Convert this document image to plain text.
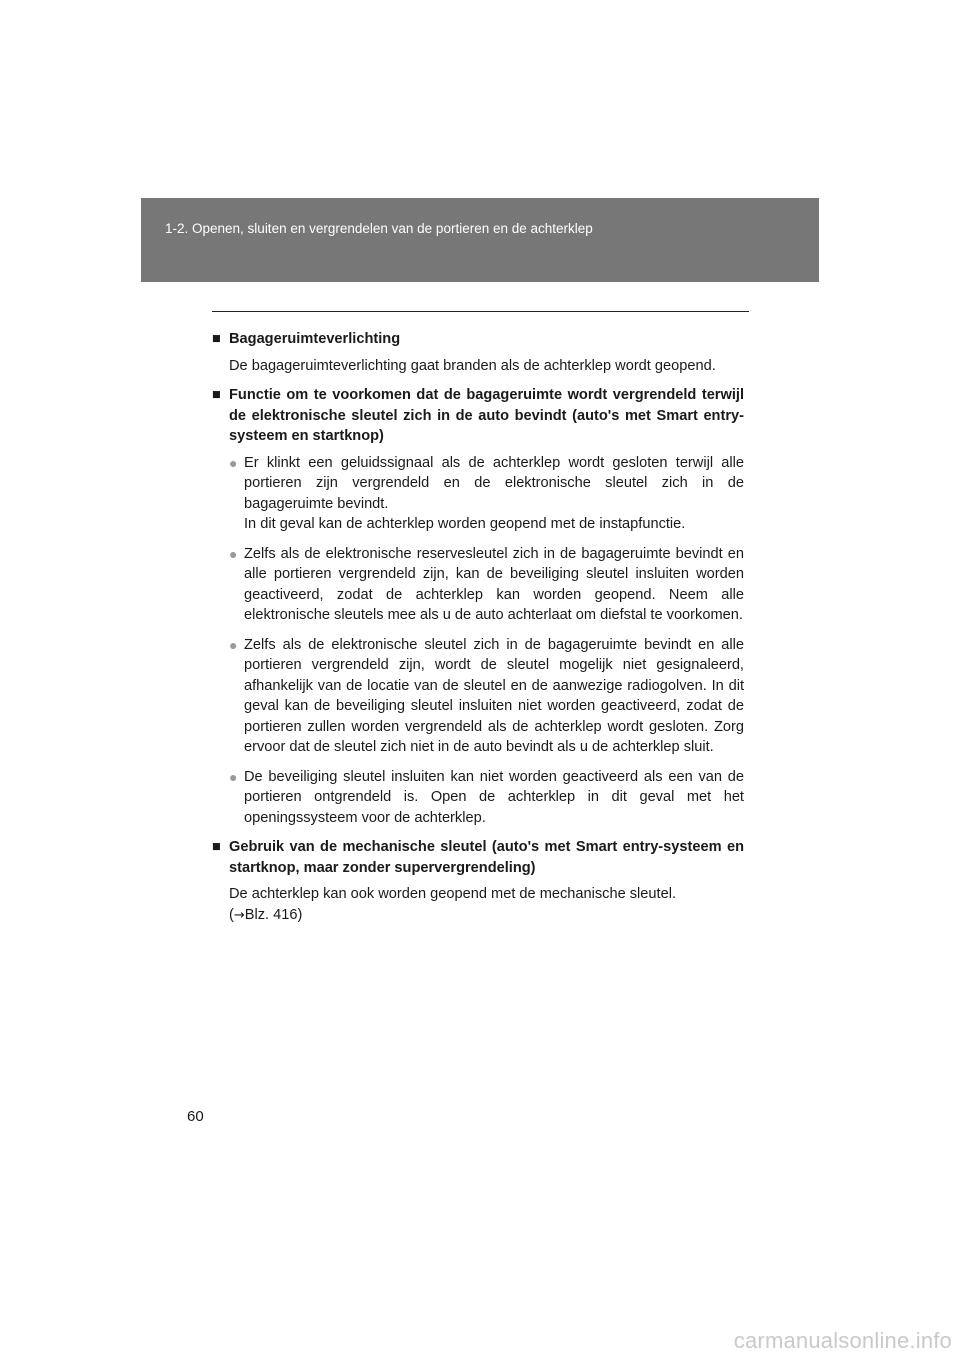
1-2. Openen, sluiten en vergrendelen van de portieren en de achterklep
■ Bagageruimteverlichting
De bagageruimteverlichting gaat branden als de achterklep wordt geopend.
■ Functie om te voorkomen dat de bagageruimte wordt vergrendeld terwijl de elektronische sleutel zich in de auto bevindt (auto's met Smart entry-systeem en startknop)
● Er klinkt een geluidssignaal als de achterklep wordt gesloten terwijl alle portieren zijn vergrendeld en de elektronische sleutel zich in de bagageruimte bevindt.
In dit geval kan de achterklep worden geopend met de instapfunctie.
● Zelfs als de elektronische reservesleutel zich in de bagageruimte bevindt en alle portieren vergrendeld zijn, kan de beveiliging sleutel insluiten worden geactiveerd, zodat de achterklep kan worden geopend. Neem alle elektronische sleutels mee als u de auto achterlaat om diefstal te voorkomen.
● Zelfs als de elektronische sleutel zich in de bagageruimte bevindt en alle portieren vergrendeld zijn, wordt de sleutel mogelijk niet gesignaleerd, afhankelijk van de locatie van de sleutel en de aanwezige radiogolven. In dit geval kan de beveiliging sleutel insluiten niet worden geactiveerd, zodat de portieren zullen worden vergrendeld als de achterklep wordt gesloten. Zorg ervoor dat de sleutel zich niet in de auto bevindt als u de achterklep sluit.
● De beveiliging sleutel insluiten kan niet worden geactiveerd als een van de portieren ontgrendeld is. Open de achterklep in dit geval met het openingssysteem voor de achterklep.
■ Gebruik van de mechanische sleutel (auto's met Smart entry-systeem en startknop, maar zonder supervergrendeling)
De achterklep kan ook worden geopend met de mechanische sleutel.
(→Blz. 416)
60
carmanualsonline.info
